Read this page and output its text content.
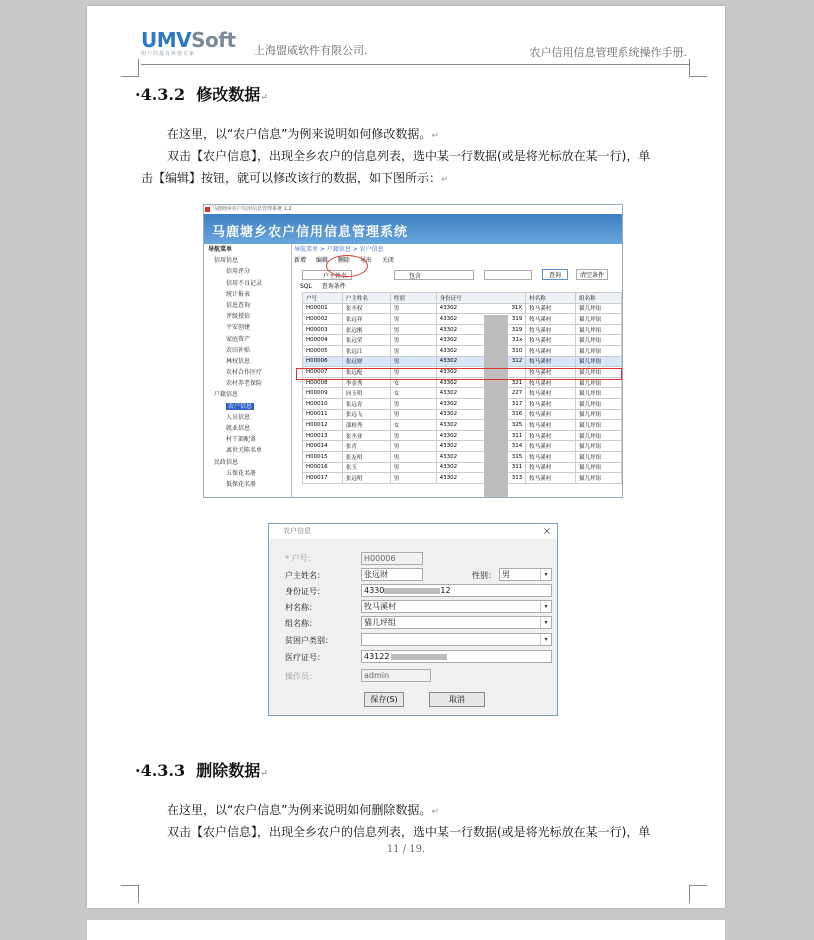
UMVSoft
用户的最有价值专家	上海盟威软件有限公司.	农户信用信息管理系统操作手册.
·4.3.2 修改数据↵
在这里，以“农户信息”为例来说明如何修改数据。↵
双击【农户信息】，出现全乡农户的信息列表，选中某一行数据(或是将光标放在某一行)，单
击【编辑】按钮，就可以修改该行的数据，如下图所示：↵
马鹿塘乡农户信用信息管理系统 1.2
马鹿塘乡农户信用信息管理系统
导航菜单
信用信息
信用评分
信用不良记录
统计报表
信息查询
评级授信
平安创建
家庭资产
农田补贴
林权信息
农村合作医疗
农村养老保险
户籍信息
农户信息
人员信息
就业信息
村干部配备
离世关陈名单
民政信息
五保花名册
低保花名册
导航菜单 > 户籍信息 > 农户信息
新增 编辑 删除 导出 关闭
户主姓名	包含	查询	清空条件
SQL 查询条件
户号	户主姓名	性别	身份证号	村名称	组名称
H00001	张丕权	男	43302 31X	牧马溪村	猫儿坪组
H00002	张远祥	男	43302 319	牧马溪村	猫儿坪组
H00003	张远刚	男	43302 319	牧马溪村	猫儿坪组
H00004	张远荣	男	43302 31x	牧马溪村	猫儿坪组
H00005	张远江	男	43302 310	牧马溪村	猫儿坪组
H00006	张远财	男	43302 312	牧马溪村	猫儿坪组
H00007	张远配	男	43302	牧马溪村	猫儿坪组
H00008	李金秀	女	43302 321	牧马溪村	猫儿坪组
H00009	向玉明	女	43302 227	牧马溪村	猫儿坪组
H00010	张远青	男	43302 317	牧马溪村	猫儿坪组
H00011	张远飞	男	43302 316	牧马溪村	猫儿坪组
H00012	邵检秀	女	43302 325	牧马溪村	猫儿坪组
H00013	张丕业	男	43302 311	牧马溪村	猫儿坪组
H00014	张青	男	43302 314	牧马溪村	猫儿坪组
H00015	张友明	男	43302 315	牧马溪村	猫儿坪组
H00016	张玉	男	43302 311	牧马溪村	猫儿坪组
H00017	张远明	男	43302 313	牧马溪村	猫儿坪组
农户信息	×
* 户号：	H00006
户主姓名：	张远财	性别： 男	▾
身份证号：	4330	12
村名称：	牧马溪村	▾
组名称：	猫儿坪组	▾
贫困户类别：	▾
医疗证号：	43122
操作员：	admin
保存(S)	取消
·4.3.3 删除数据↵
在这里，以“农户信息”为例来说明如何删除数据。↵
双击【农户信息】，出现全乡农户的信息列表，选中某一行数据(或是将光标放在某一行)，单
11 / 19.
